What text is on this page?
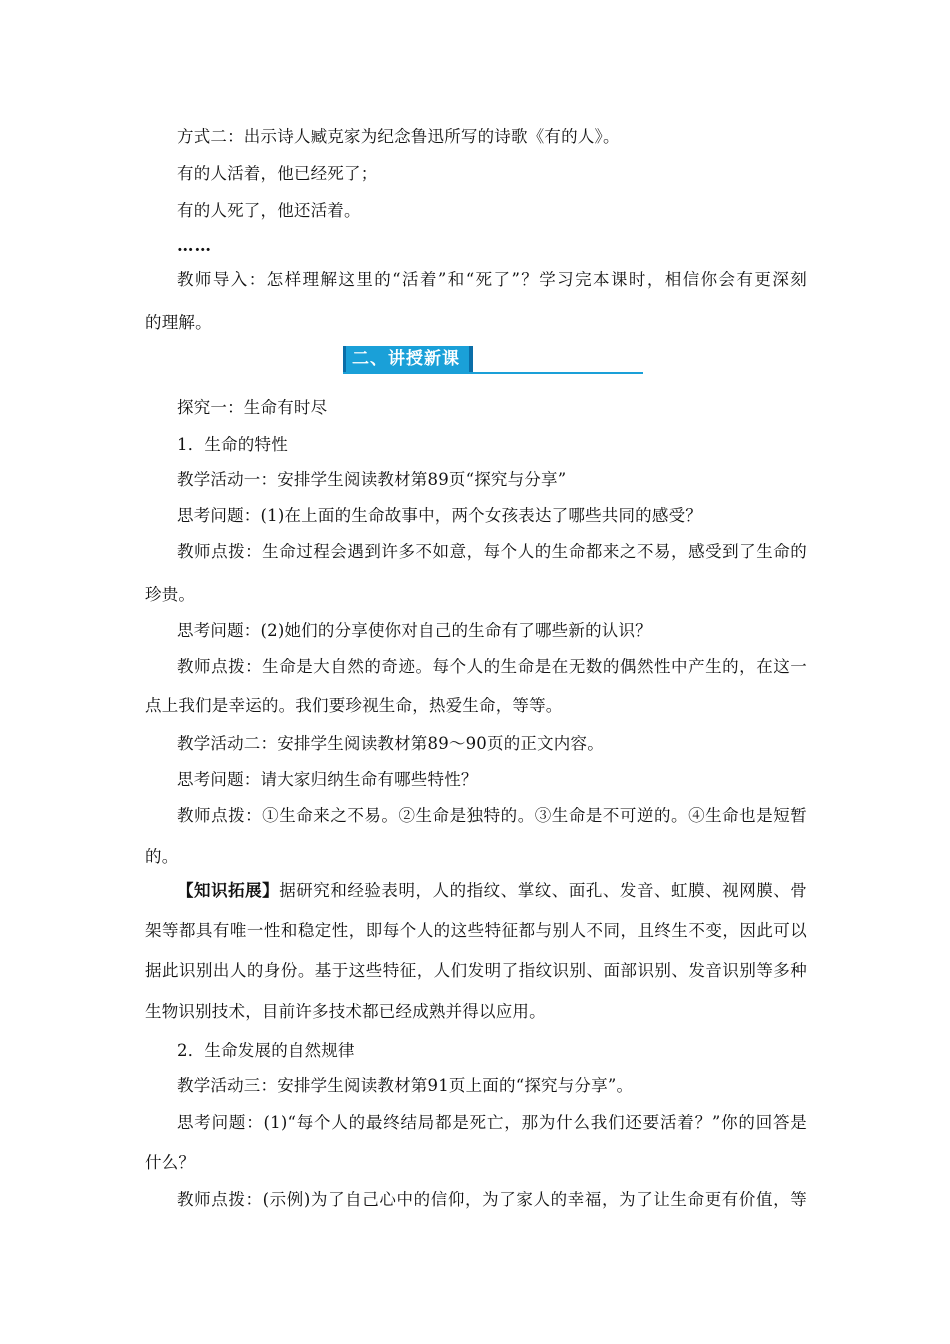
方式二：出示诗人臧克家为纪念鲁迅所写的诗歌《有的人》。
有的人活着，他已经死了；
有的人死了，他还活着。
……
教师导入：怎样理解这里的“活着”和“死了”？学习完本课时，相信你会有更深刻
的理解。
二、讲授新课
探究一：生命有时尽
1．生命的特性
教学活动一：安排学生阅读教材第89页“探究与分享”
思考问题：(1)在上面的生命故事中，两个女孩表达了哪些共同的感受？
教师点拨：生命过程会遇到许多不如意，每个人的生命都来之不易，感受到了生命的
珍贵。
思考问题：(2)她们的分享使你对自己的生命有了哪些新的认识？
教师点拨：生命是大自然的奇迹。每个人的生命是在无数的偶然性中产生的，在这一
点上我们是幸运的。我们要珍视生命，热爱生命，等等。
教学活动二：安排学生阅读教材第89～90页的正文内容。
思考问题：请大家归纳生命有哪些特性？
教师点拨：①生命来之不易。②生命是独特的。③生命是不可逆的。④生命也是短暂
的。
【知识拓展】据研究和经验表明，人的指纹、掌纹、面孔、发音、虹膜、视网膜、骨
架等都具有唯一性和稳定性，即每个人的这些特征都与别人不同，且终生不变，因此可以
据此识别出人的身份。基于这些特征，人们发明了指纹识别、面部识别、发音识别等多种
生物识别技术，目前许多技术都已经成熟并得以应用。
2．生命发展的自然规律
教学活动三：安排学生阅读教材第91页上面的“探究与分享”。
思考问题：(1)“每个人的最终结局都是死亡，那为什么我们还要活着？”你的回答是
什么？
教师点拨：(示例)为了自己心中的信仰，为了家人的幸福，为了让生命更有价值，等
